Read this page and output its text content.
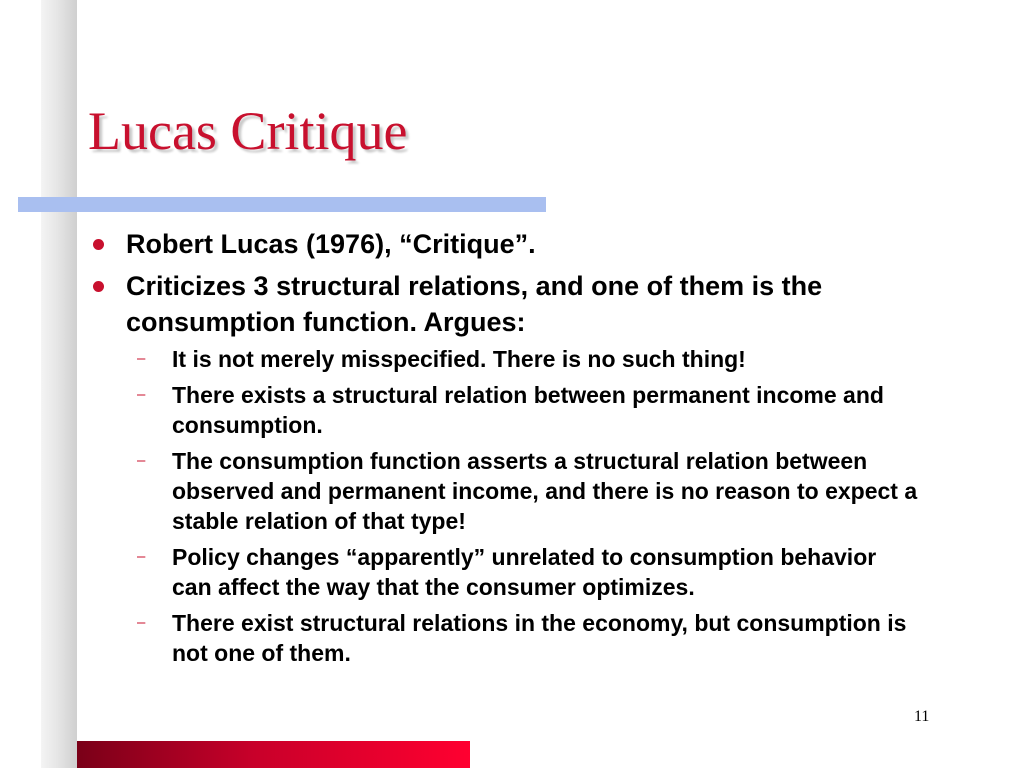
Lucas Critique
Robert Lucas (1976), “Critique”.
Criticizes 3 structural relations, and one of them is the consumption function. Argues:
– It is not merely misspecified. There is no such thing!
– There exists a structural relation between permanent income and consumption.
– The consumption function asserts a structural relation between observed and permanent income, and there is no reason to expect a stable relation of that type!
– Policy changes “apparently” unrelated to consumption behavior can affect the way that the consumer optimizes.
– There exist structural relations in the economy, but consumption is not one of them.
11
